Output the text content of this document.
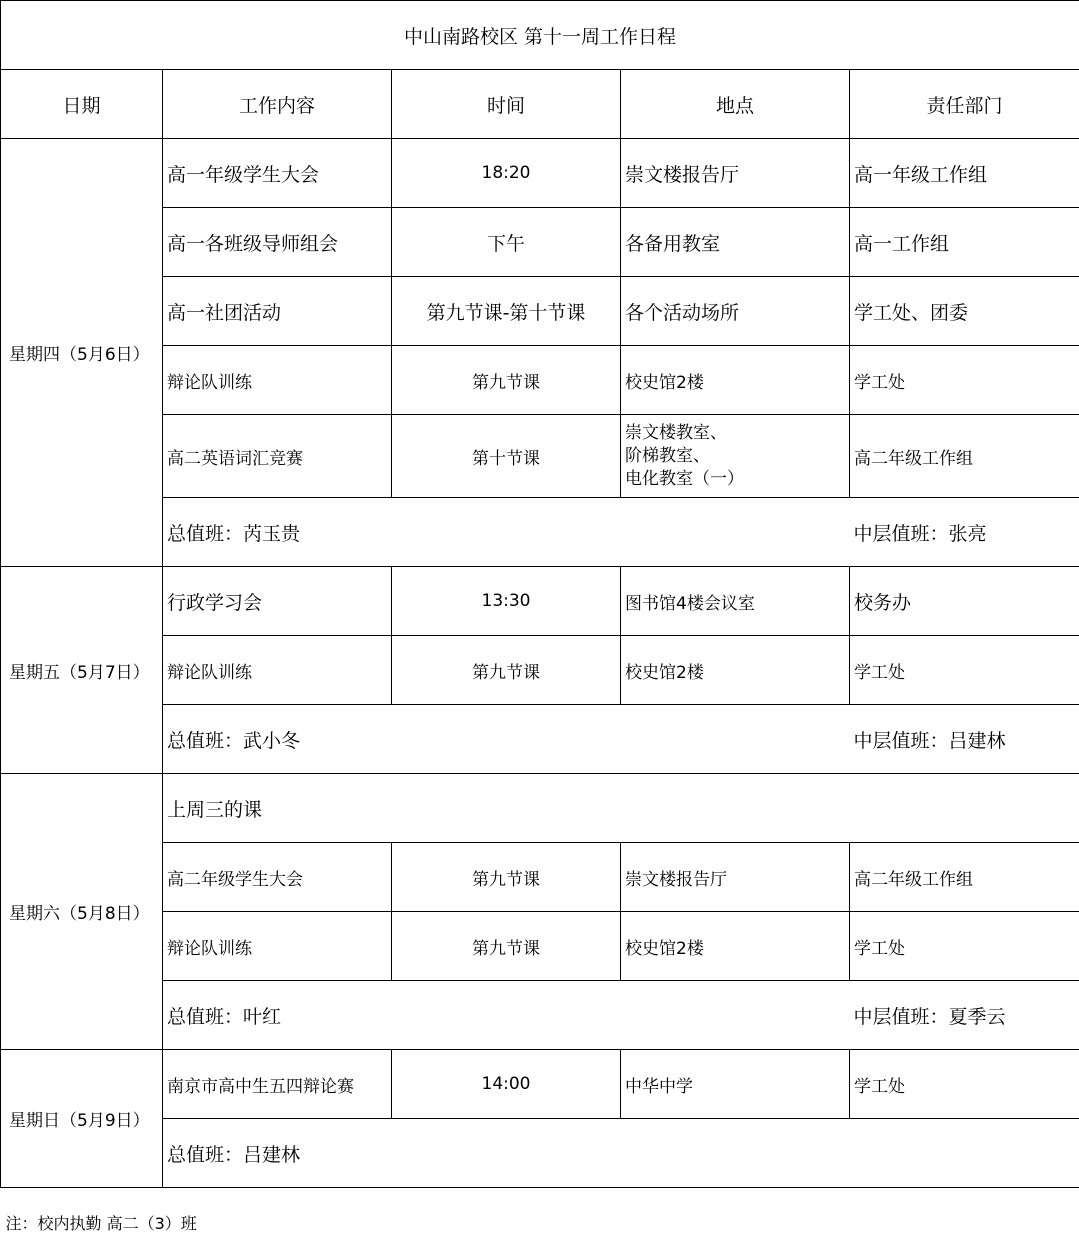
中山南路校区 第十一周工作日程				
日期	工作内容	时间	地点	责任部门
星期四（5月6日）	高一年级学生大会	18:20	崇文楼报告厅	高一年级工作组
	高一各班级导师组会	下午	各备用教室	高一工作组
	高一社团活动	第九节课-第十节课	各个活动场所	学工处、团委
	辩论队训练	第九节课	校史馆2楼	学工处
	高二英语词汇竞赛	第十节课	崇文楼教室、
阶梯教室、
电化教室（一）	高二年级工作组
	总值班：芮玉贵		中层值班：张亮	
星期五（5月7日）	行政学习会	13:30	图书馆4楼会议室	校务办
	辩论队训练	第九节课	校史馆2楼	学工处
	总值班：武小冬		中层值班：吕建林	
星期六（5月8日）	上周三的课			
	高二年级学生大会	第九节课	崇文楼报告厅	高二年级工作组
	辩论队训练	第九节课	校史馆2楼	学工处
	总值班：叶红		中层值班：夏季云	
星期日（5月9日）	南京市高中生五四辩论赛	14:00	中华中学	学工处
	总值班：吕建林			
注：校内执勤 高二（3）班				
